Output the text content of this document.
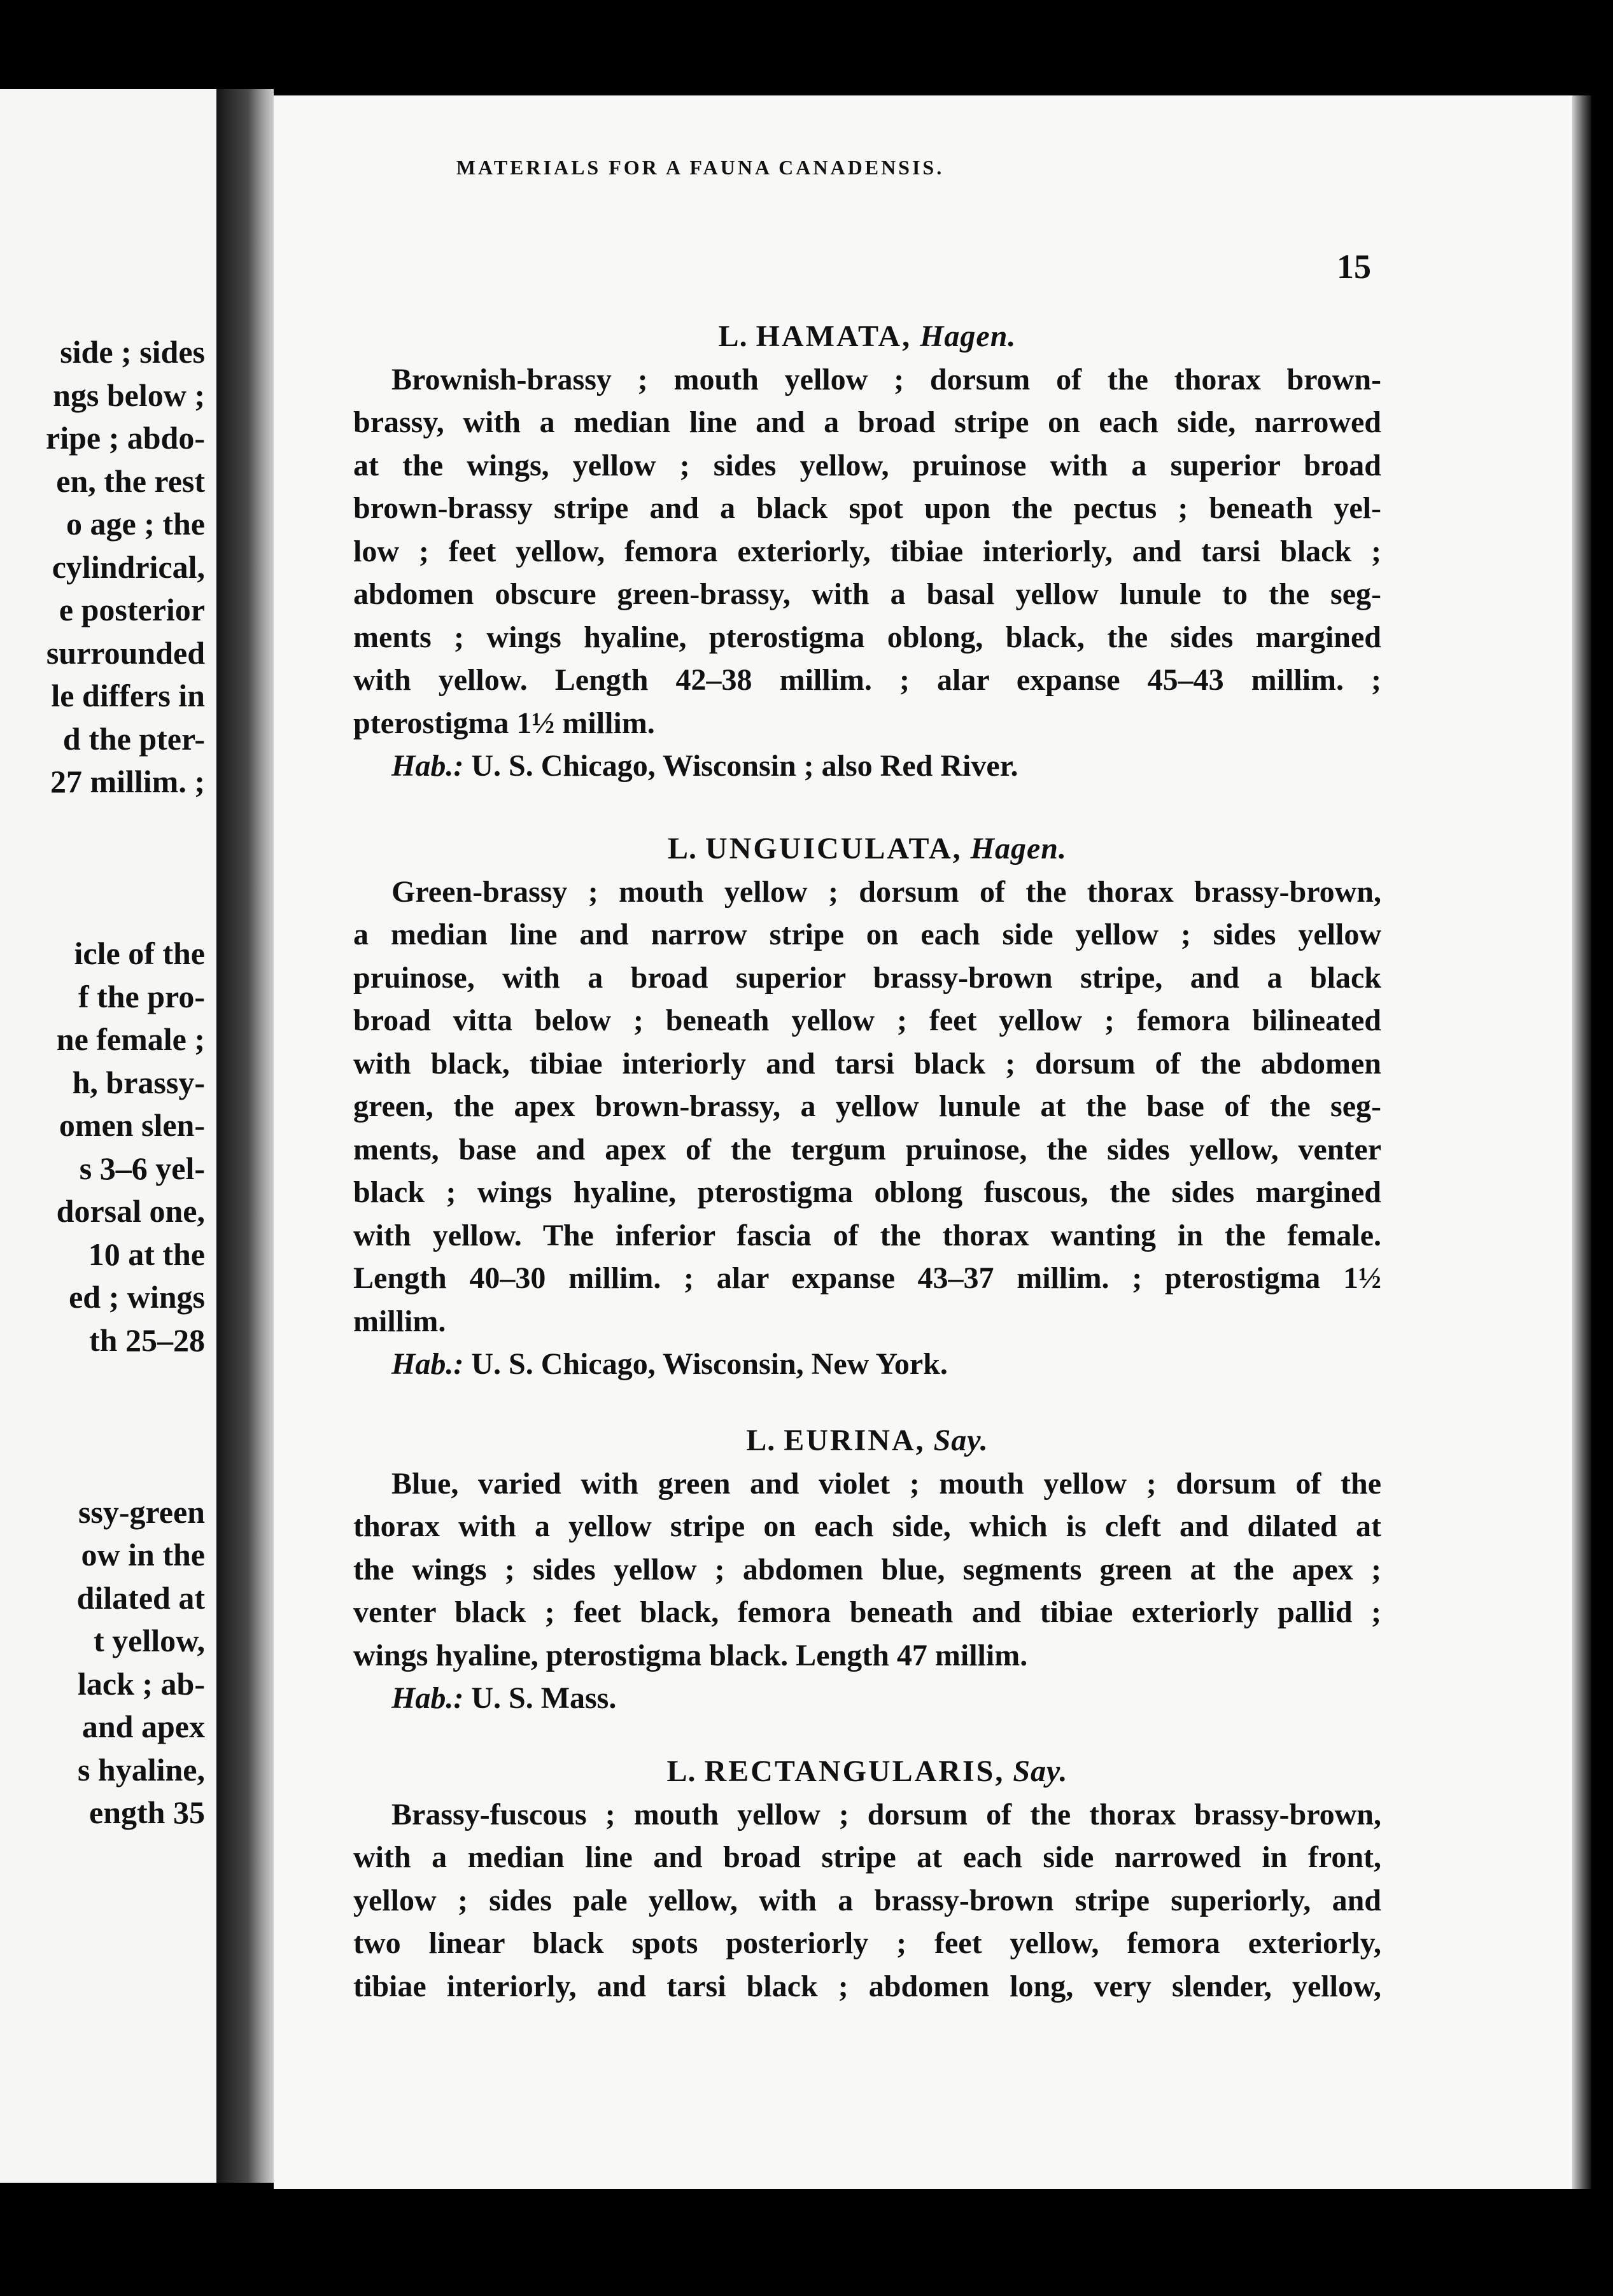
side ; sides
ngs below ;
ripe ; abdo-
en, the rest
o age ; the
cylindrical,
e posterior
surrounded
le differs in
d the pter-
27 millim. ;
icle of the
f the pro-
ne female ;
h, brassy-
omen slen-
s 3–6 yel-
dorsal one,
10 at the
ed ; wings
th 25–28
ssy-green
ow in the
dilated at
t yellow,
lack ; ab-
and apex
s hyaline,
ength 35
MATERIALS FOR A FAUNA CANADENSIS.
15
L. HAMATA, Hagen.

Brownish-brassy ; mouth yellow ; dorsum of the thorax brown-

brassy, with a median line and a broad stripe on each side, narrowed

at the wings, yellow ; sides yellow, pruinose with a superior broad

brown-brassy stripe and a black spot upon the pectus ; beneath yel-

low ; feet yellow, femora exteriorly, tibiae interiorly, and tarsi black ;

abdomen obscure green-brassy, with a basal yellow lunule to the seg-

ments ; wings hyaline, pterostigma oblong, black, the sides margined

with yellow. Length 42–38 millim. ; alar expanse 45–43 millim. ;

pterostigma 1½ millim.

Hab.: U. S. Chicago, Wisconsin ; also Red River.

L. UNGUICULATA, Hagen.

Green-brassy ; mouth yellow ; dorsum of the thorax brassy-brown,

a median line and narrow stripe on each side yellow ; sides yellow

pruinose, with a broad superior brassy-brown stripe, and a black

broad vitta below ; beneath yellow ; feet yellow ; femora bilineated

with black, tibiae interiorly and tarsi black ; dorsum of the abdomen

green, the apex brown-brassy, a yellow lunule at the base of the seg-

ments, base and apex of the tergum pruinose, the sides yellow, venter

black ; wings hyaline, pterostigma oblong fuscous, the sides margined

with yellow. The inferior fascia of the thorax wanting in the female.

Length 40–30 millim. ; alar expanse 43–37 millim. ; pterostigma 1½

millim.

Hab.: U. S. Chicago, Wisconsin, New York.

L. EURINA, Say.

Blue, varied with green and violet ; mouth yellow ; dorsum of the

thorax with a yellow stripe on each side, which is cleft and dilated at

the wings ; sides yellow ; abdomen blue, segments green at the apex ;

venter black ; feet black, femora beneath and tibiae exteriorly pallid ;

wings hyaline, pterostigma black. Length 47 millim.

Hab.: U. S. Mass.

L. RECTANGULARIS, Say.

Brassy-fuscous ; mouth yellow ; dorsum of the thorax brassy-brown,

with a median line and broad stripe at each side narrowed in front,

yellow ; sides pale yellow, with a brassy-brown stripe superiorly, and

two linear black spots posteriorly ; feet yellow, femora exteriorly,

tibiae interiorly, and tarsi black ; abdomen long, very slender, yellow,
